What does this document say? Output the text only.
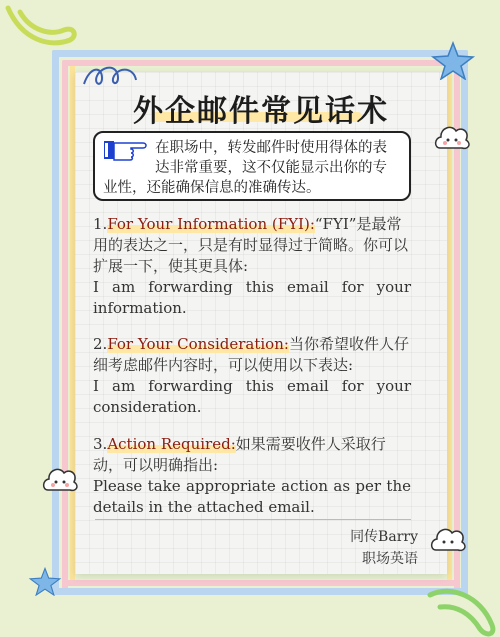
外企邮件常见话术
在职场中，转发邮件时使用得体的表达非常重要，这不仅能显示出你的专业性，还能确保信息的准确传达。
1.For Your Information (FYI):“FYI”是最常用的表达之一，只是有时显得过于简略。你可以扩展一下，使其更具体:
I am forwarding this email for your information.
2.For Your Consideration:当你希望收件人仔细考虑邮件内容时，可以使用以下表达:
I am forwarding this email for your consideration.
3.Action Required:如果需要收件人采取行动，可以明确指出:
Please take appropriate action as per the details in the attached email.
同传Barry
职场英语
